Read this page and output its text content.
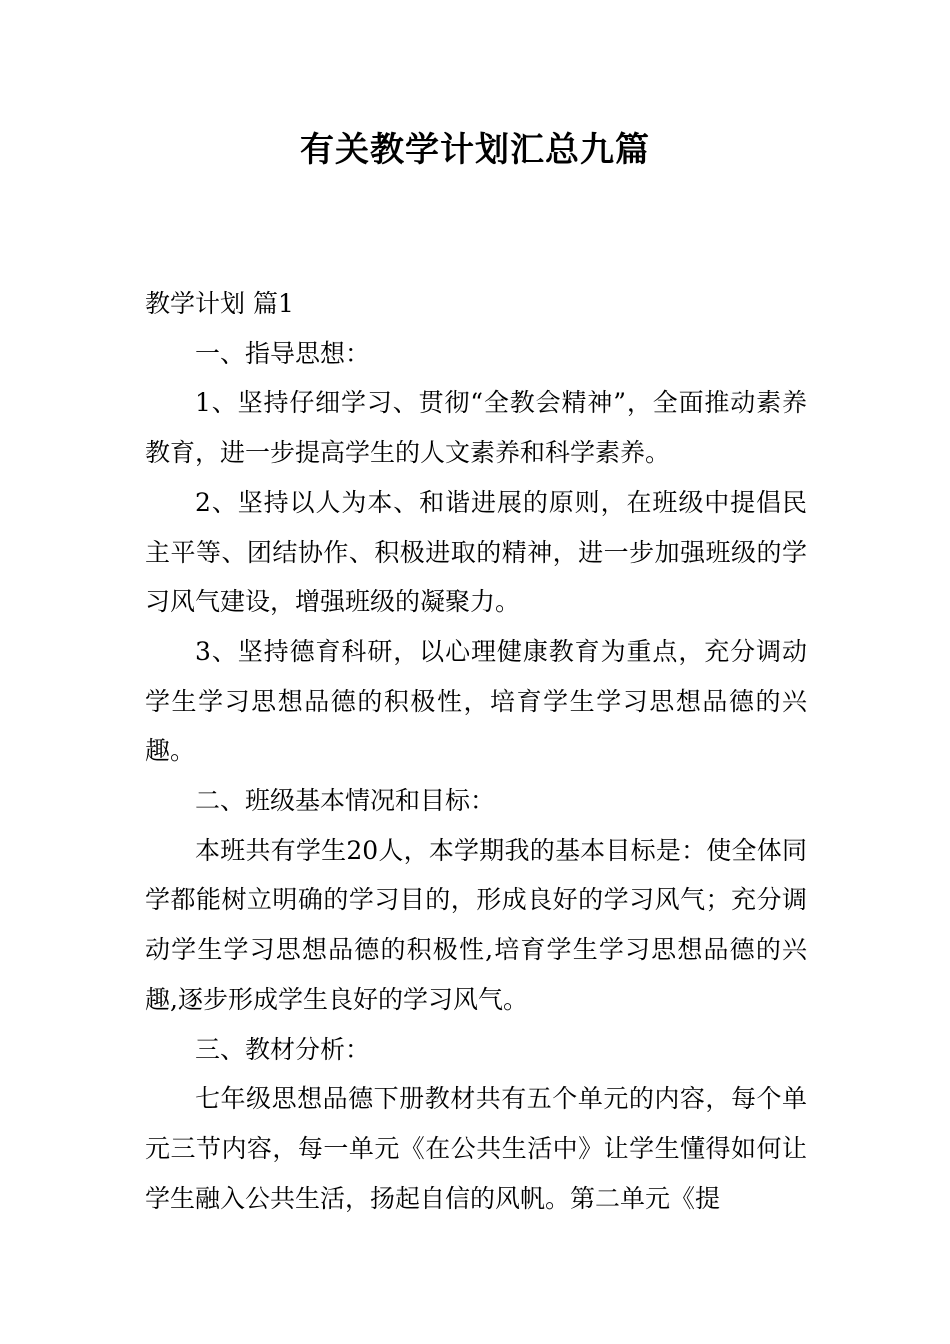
有关教学计划汇总九篇

教学计划 篇1

一、指导思想：

1、坚持仔细学习、贯彻“全教会精神”，全面推动素养教育，进一步提高学生的人文素养和科学素养。

2、坚持以人为本、和谐进展的原则，在班级中提倡民主平等、团结协作、积极进取的精神，进一步加强班级的学习风气建设，增强班级的凝聚力。

3、坚持德育科研，以心理健康教育为重点，充分调动学生学习思想品德的积极性，培育学生学习思想品德的兴趣。

二、班级基本情况和目标：

本班共有学生20人，本学期我的基本目标是：使全体同学都能树立明确的学习目的，形成良好的学习风气；充分调动学生学习思想品德的积极性,培育学生学习思想品德的兴趣,逐步形成学生良好的学习风气。

三、教材分析：

七年级思想品德下册教材共有五个单元的内容，每个单元三节内容，每一单元《在公共生活中》让学生懂得如何让学生融入公共生活，扬起自信的风帆。第二单元《提
